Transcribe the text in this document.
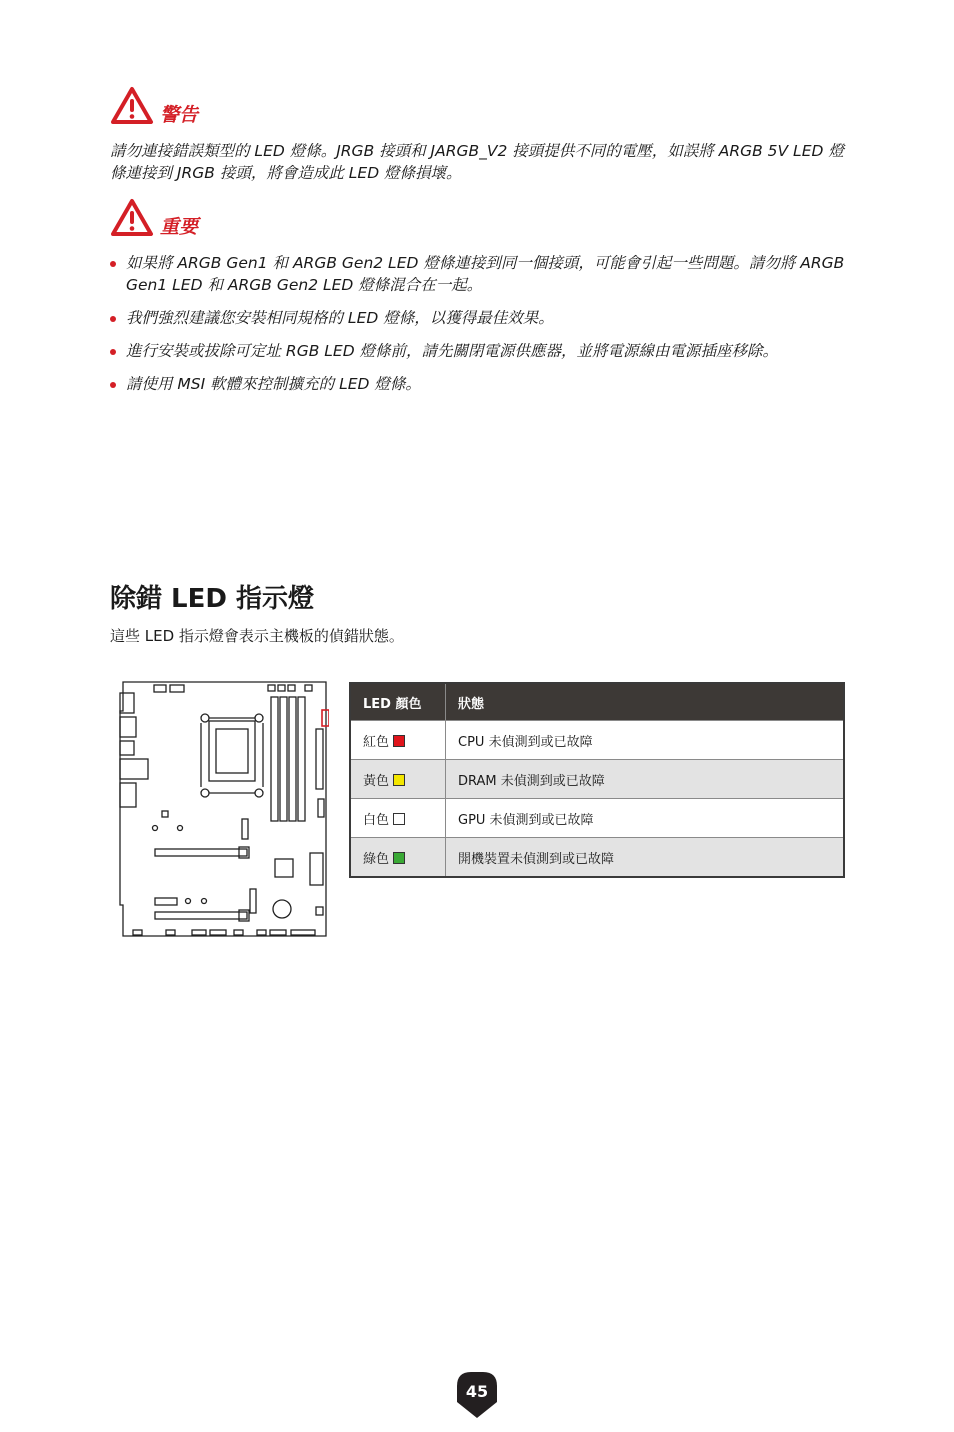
警告
請勿連接錯誤類型的 LED 燈條。JRGB 接頭和 JARGB_V2 接頭提供不同的電壓，如誤將 ARGB 5V LED 燈條連接到 JRGB 接頭，將會造成此 LED 燈條損壞。
重要
如果將 ARGB Gen1 和 ARGB Gen2 LED 燈條連接到同一個接頭，可能會引起一些問題。請勿將 ARGB Gen1 LED 和 ARGB Gen2 LED 燈條混合在一起。
我們強烈建議您安裝相同規格的 LED 燈條，以獲得最佳效果。
進行安裝或拔除可定址 RGB LED 燈條前，請先關閉電源供應器，並將電源線由電源插座移除。
請使用 MSI 軟體來控制擴充的 LED 燈條。
除錯 LED 指示燈
這些 LED 指示燈會表示主機板的偵錯狀態。
LED 顏色	狀態
紅色	CPU 未偵測到或已故障
黃色	DRAM 未偵測到或已故障
白色	GPU 未偵測到或已故障
綠色	開機裝置未偵測到或已故障
45
